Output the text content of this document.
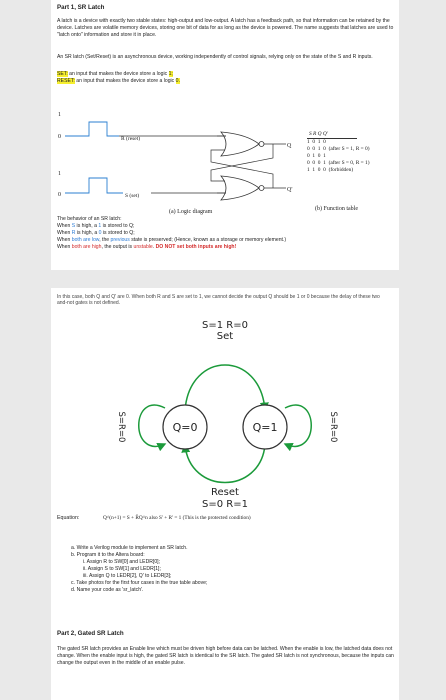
Part 1, SR Latch
A latch is a device with exactly two stable states: high-output and low-output. A latch has a feedback path, so that information can be retained by the device. Latches are volatile memory devices, storing one bit of data for as long as the device is powered. The name suggests that latches are used to "latch onto" information and store it in place.
An SR latch (Set/Reset) is an asynchronous device, working independently of control signals, relying only on the state of the S and R inputs.
SET: an input that makes the device store a logic 1;
RESET: an input that makes the device store a logic 0.
1
0
1
0
R (reset)
S (set)
Q
Q'
(a) Logic diagram
S R Q Q'
1  0  1  0
0  0  1  0  (after S = 1, R = 0)
0  1  0  1
0  0  0  1  (after S = 0, R = 1)
1  1  0  0  (forbidden)
(b) Function table
The behavior of an SR latch:
When S is high, a 1 is stored to Q;
When R is high, a 0 is stored to Q;
When both are low, the previous state is preserved; (Hence, known as a storage or memory element.)
When both are high, the output is unstable. DO NOT set both inputs are high!
In this case, both Q and Q' are 0. When both R and S are set to 1, we cannot decide the output Q should be 1 or 0 because the delay of these two and-not gates is not defined.
S=1 R=0
Set
Q=0	Q=1
S=R=0	S=R=0
Reset
S=0 R=1
Equation:	Q^(n+1) = S + R̄Q^n also S' + R' = 1 (This is the protected condition)
a. Write a Verilog module to implement an SR latch.
b. Program it to the Altera board:
i. Assign R to SW[0] and LEDR[0];
ii. Assign S to SW[1] and LEDR[1];
iii. Assign Q to LEDR[2], Q' to LEDR[3];
c. Take photos for the first four cases in the true table above;
d. Name your code as 'sr_latch'.
Part 2, Gated SR Latch
The gated SR latch provides an Enable line which must be driven high before data can be latched. When the enable is low, the latched data does not change. When the enable input is high, the gated SR latch is identical to the SR latch. The gated SR latch is not synchronous, because the inputs can change the output even in the middle of an enable pulse.
